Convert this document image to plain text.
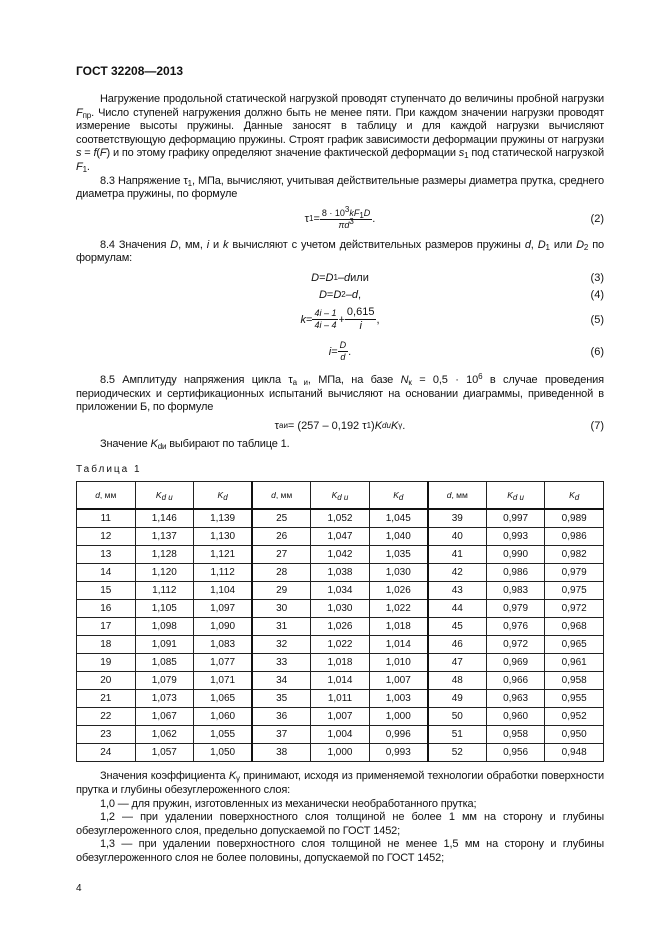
ГОСТ 32208—2013
Нагружение продольной статической нагрузкой проводят ступенчато до величины пробной нагрузки $F_{пр}$. Число ступеней нагружения должно быть не менее пяти. При каждом значении нагрузки проводят измерение высоты пружины. Данные заносят в таблицу и для каждой нагрузки вычисляют соответствующую деформацию пружины. Строят график зависимости деформации пружины от нагрузки s = f(F) и по этому графику определяют значение фактической деформации $s_1$ под статической нагрузкой $F_1$.
8.3 Напряжение $\tau_1$, МПа, вычисляют, учитывая действительные размеры диаметра прутка, среднего диаметра пружины, по формуле
τ $1 = \frac{8 \cdot 10^3kF_1D}{\pi d^3}$ .	(2)
8.4 Значения D, мм, i и k вычисляют с учетом действительных размеров пружины d, $D_1$ или $D_2$ по формулам:
D = D 1 – d или	(3)
D = D 2 – d ,	(4)
$k = \frac{4i - 1}{4i - 4} + \frac{0,615}{i}$ ,	(5)
$i = \frac{D}{d}$ .	(6)
8.5 Амплитуду напряжения цикла $\tau_{а и}$, МПа, на базе $N_к = 0,5 \cdot 10^6$ в случае проведения периодических и сертификационных испытаний вычисляют на основании диаграммы, приведенной в приложении Б, по формуле
τ аи = (257 – 0,192 τ 1 ) K dи K γ .	(7)
Значение $K_{dи}$ выбирают по таблице 1.
Таблица 1
d, мм	$K_{d и}$	$K_d$	d, мм	$K_{d и}$	$K_d$	d, мм	$K_{d и}$	$K_d$
11	1,146	1,139	25	1,052	1,045	39	0,997	0,989
12	1,137	1,130	26	1,047	1,040	40	0,993	0,986
13	1,128	1,121	27	1,042	1,035	41	0,990	0,982
14	1,120	1,112	28	1,038	1,030	42	0,986	0,979
15	1,112	1,104	29	1,034	1,026	43	0,983	0,975
16	1,105	1,097	30	1,030	1,022	44	0,979	0,972
17	1,098	1,090	31	1,026	1,018	45	0,976	0,968
18	1,091	1,083	32	1,022	1,014	46	0,972	0,965
19	1,085	1,077	33	1,018	1,010	47	0,969	0,961
20	1,079	1,071	34	1,014	1,007	48	0,966	0,958
21	1,073	1,065	35	1,011	1,003	49	0,963	0,955
22	1,067	1,060	36	1,007	1,000	50	0,960	0,952
23	1,062	1,055	37	1,004	0,996	51	0,958	0,950
24	1,057	1,050	38	1,000	0,993	52	0,956	0,948
Значения коэффициента $K_\gamma$ принимают, исходя из применяемой технологии обработки поверхности прутка и глубины обезуглероженного слоя:
1,0 — для пружин, изготовленных из механически необработанного прутка;
1,2 — при удалении поверхностного слоя толщиной не более 1 мм на сторону и глубины обезуглероженного слоя, предельно допускаемой по ГОСТ 1452;
1,3 — при удалении поверхностного слоя толщиной не менее 1,5 мм на сторону и глубины обезуглероженного слоя не более половины, допускаемой по ГОСТ 1452;
4
